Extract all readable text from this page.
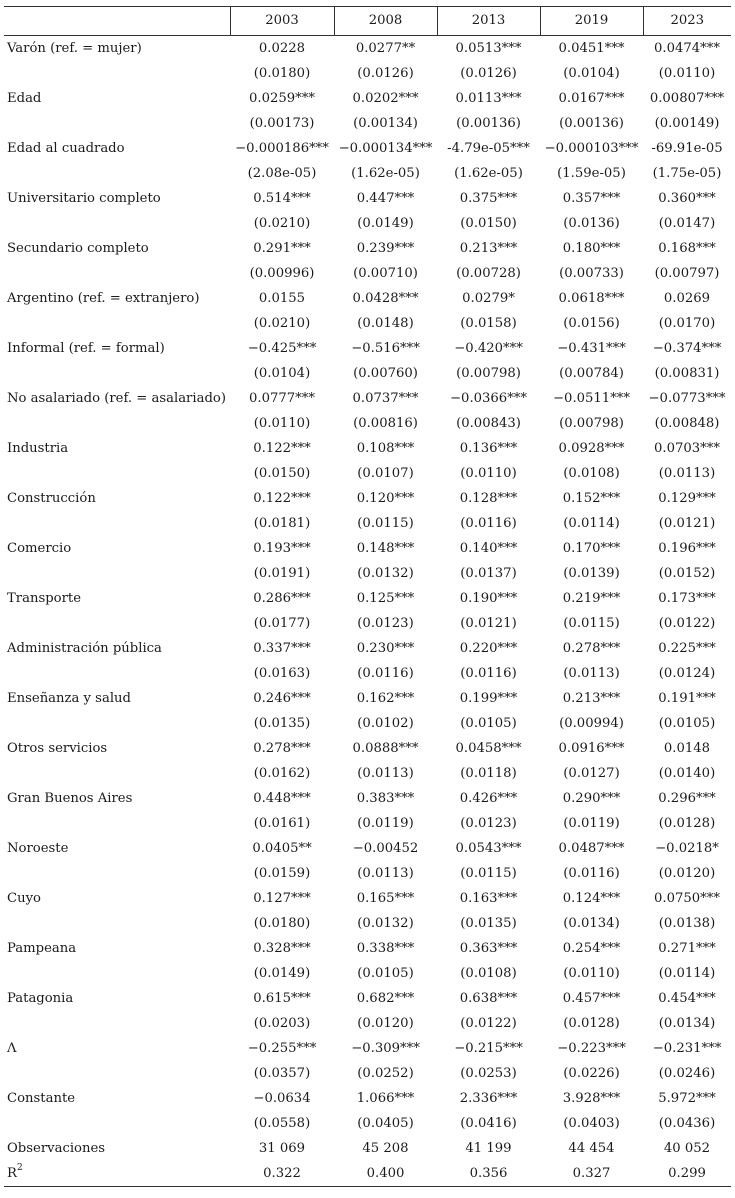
	2003	2008	2013	2019	2023
Varón (ref. = mujer)	0.0228	0.0277**	0.0513***	0.0451***	0.0474***
	(0.0180)	(0.0126)	(0.0126)	(0.0104)	(0.0110)
Edad	0.0259***	0.0202***	0.0113***	0.0167***	0.00807***
	(0.00173)	(0.00134)	(0.00136)	(0.00136)	(0.00149)
Edad al cuadrado	−0.000186***	−0.000134***	-4.79e-05***	−0.000103***	-69.91e-05
	(2.08e-05)	(1.62e-05)	(1.62e-05)	(1.59e-05)	(1.75e-05)
Universitario completo	0.514***	0.447***	0.375***	0.357***	0.360***
	(0.0210)	(0.0149)	(0.0150)	(0.0136)	(0.0147)
Secundario completo	0.291***	0.239***	0.213***	0.180***	0.168***
	(0.00996)	(0.00710)	(0.00728)	(0.00733)	(0.00797)
Argentino (ref. = extranjero)	0.0155	0.0428***	0.0279*	0.0618***	0.0269
	(0.0210)	(0.0148)	(0.0158)	(0.0156)	(0.0170)
Informal (ref. = formal)	−0.425***	−0.516***	−0.420***	−0.431***	−0.374***
	(0.0104)	(0.00760)	(0.00798)	(0.00784)	(0.00831)
No asalariado (ref. = asalariado)	0.0777***	0.0737***	−0.0366***	−0.0511***	−0.0773***
	(0.0110)	(0.00816)	(0.00843)	(0.00798)	(0.00848)
Industria	0.122***	0.108***	0.136***	0.0928***	0.0703***
	(0.0150)	(0.0107)	(0.0110)	(0.0108)	(0.0113)
Construcción	0.122***	0.120***	0.128***	0.152***	0.129***
	(0.0181)	(0.0115)	(0.0116)	(0.0114)	(0.0121)
Comercio	0.193***	0.148***	0.140***	0.170***	0.196***
	(0.0191)	(0.0132)	(0.0137)	(0.0139)	(0.0152)
Transporte	0.286***	0.125***	0.190***	0.219***	0.173***
	(0.0177)	(0.0123)	(0.0121)	(0.0115)	(0.0122)
Administración pública	0.337***	0.230***	0.220***	0.278***	0.225***
	(0.0163)	(0.0116)	(0.0116)	(0.0113)	(0.0124)
Enseñanza y salud	0.246***	0.162***	0.199***	0.213***	0.191***
	(0.0135)	(0.0102)	(0.0105)	(0.00994)	(0.0105)
Otros servicios	0.278***	0.0888***	0.0458***	0.0916***	0.0148
	(0.0162)	(0.0113)	(0.0118)	(0.0127)	(0.0140)
Gran Buenos Aires	0.448***	0.383***	0.426***	0.290***	0.296***
	(0.0161)	(0.0119)	(0.0123)	(0.0119)	(0.0128)
Noroeste	0.0405**	−0.00452	0.0543***	0.0487***	−0.0218*
	(0.0159)	(0.0113)	(0.0115)	(0.0116)	(0.0120)
Cuyo	0.127***	0.165***	0.163***	0.124***	0.0750***
	(0.0180)	(0.0132)	(0.0135)	(0.0134)	(0.0138)
Pampeana	0.328***	0.338***	0.363***	0.254***	0.271***
	(0.0149)	(0.0105)	(0.0108)	(0.0110)	(0.0114)
Patagonia	0.615***	0.682***	0.638***	0.457***	0.454***
	(0.0203)	(0.0120)	(0.0122)	(0.0128)	(0.0134)
Λ	−0.255***	−0.309***	−0.215***	−0.223***	−0.231***
	(0.0357)	(0.0252)	(0.0253)	(0.0226)	(0.0246)
Constante	−0.0634	1.066***	2.336***	3.928***	5.972***
	(0.0558)	(0.0405)	(0.0416)	(0.0403)	(0.0436)
Observaciones	31 069	45 208	41 199	44 454	40 052
$R^2$	0.322	0.400	0.356	0.327	0.299
